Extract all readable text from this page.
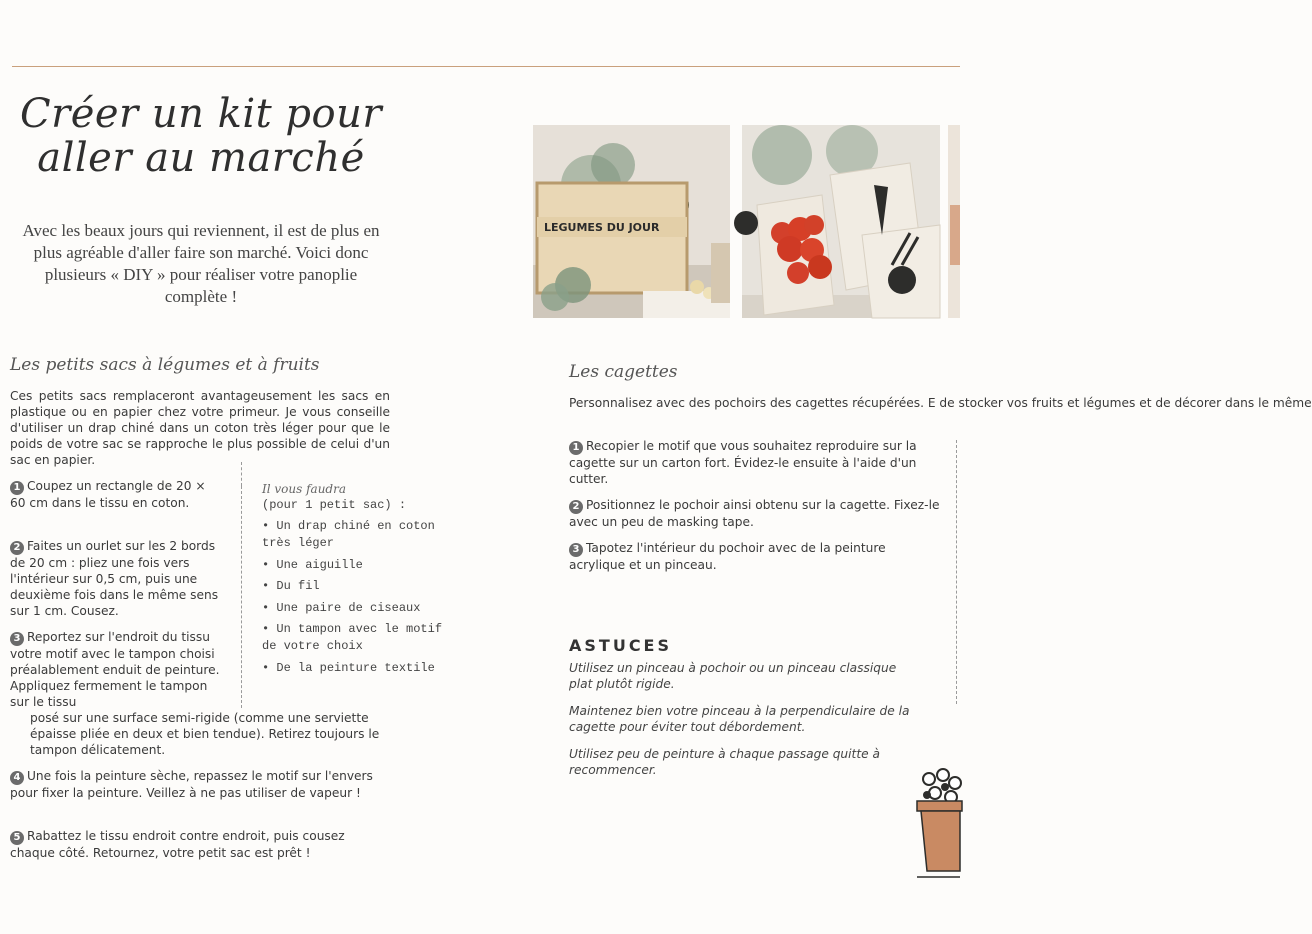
Créer un kit pour
aller au marché

Avec les beaux jours qui reviennent, il est de plus en plus agréable d'aller faire son marché. Voici donc plusieurs « DIY » pour réaliser votre panoplie complète !

LEGUMES DU JOUR
Les petits sacs à légumes et à fruits

Ces petits sacs remplaceront avantageusement les sacs en plastique ou en papier chez votre primeur. Je vous conseille d'utiliser un drap chiné dans un coton très léger pour que le poids de votre sac se rapproche le plus possible de celui d'un sac en papier.

1 Coupez un rectangle de 20 × 60 cm dans le tissu en coton.
2 Faites un ourlet sur les 2 bords de 20 cm : pliez une fois vers l'intérieur sur 0,5 cm, puis une deuxième fois dans le même sens sur 1 cm. Cousez.
3 Reportez sur l'endroit du tissu votre motif avec le tampon choisi préalablement enduit de peinture. Appliquez fermement le tampon sur le tissu
posé sur une surface semi-rigide (comme une serviette épaisse pliée en deux et bien tendue). Retirez toujours le tampon délicatement.
4 Une fois la peinture sèche, repassez le motif sur l'envers pour fixer la peinture. Veillez à ne pas utiliser de vapeur !
5 Rabattez le tissu endroit contre endroit, puis cousez chaque côté. Retournez, votre petit sac est prêt !

Il vous faudra

(pour 1 petit sac) :

• Un drap chiné en coton très léger
• Une aiguille
• Du fil
• Une paire de ciseaux
• Un tampon avec le motif de votre choix
• De la peinture textile
Les cagettes

Personnalisez avec des pochoirs des cagettes récupérées. E de stocker vos fruits et légumes et de décorer dans le même

1 Recopier le motif que vous souhaitez reproduire sur la cagette sur un carton fort. Évidez-le ensuite à l'aide d'un cutter.
2 Positionnez le pochoir ainsi obtenu sur la cagette. Fixez-le avec un peu de masking tape.
3 Tapotez l'intérieur du pochoir avec de la peinture acrylique et un pinceau.
ASTUCES

Utilisez un pinceau à pochoir ou un pinceau classique plat plutôt rigide.

Maintenez bien votre pinceau à la perpendiculaire de la cagette pour éviter tout débordement.

Utilisez peu de peinture à chaque passage quitte à recommencer.
